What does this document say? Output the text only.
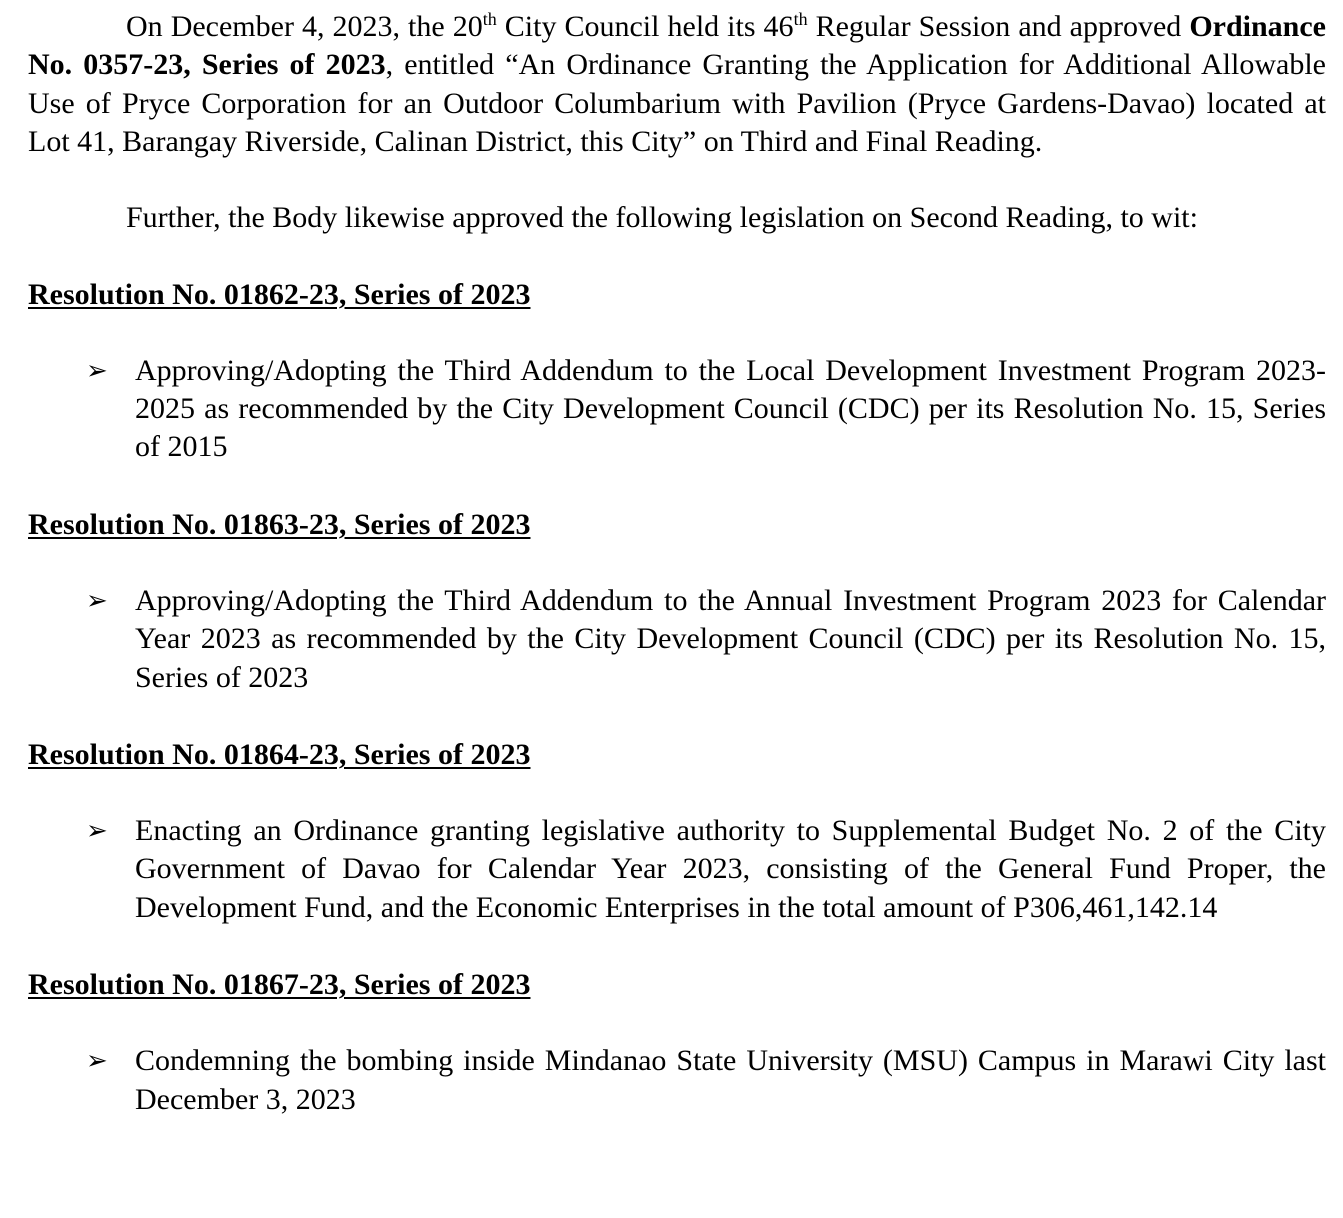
On December 4, 2023, the 20th City Council held its 46th Regular Session and approved Ordinance No. 0357-23, Series of 2023, entitled “An Ordinance Granting the Application for Additional Allowable Use of Pryce Corporation for an Outdoor Columbarium with Pavilion (Pryce Gardens-Davao) located at Lot 41, Barangay Riverside, Calinan District, this City” on Third and Final Reading.

Further, the Body likewise approved the following legislation on Second Reading, to wit:

Resolution No. 01862-23, Series of 2023

➢ Approving/Adopting the Third Addendum to the Local Development Investment Program 2023-2025 as recommended by the City Development Council (CDC) per its Resolution No. 15, Series of 2015

Resolution No. 01863-23, Series of 2023

➢ Approving/Adopting the Third Addendum to the Annual Investment Program 2023 for Calendar Year 2023 as recommended by the City Development Council (CDC) per its Resolution No. 15, Series of 2023

Resolution No. 01864-23, Series of 2023

➢ Enacting an Ordinance granting legislative authority to Supplemental Budget No. 2 of the City Government of Davao for Calendar Year 2023, consisting of the General Fund Proper, the Development Fund, and the Economic Enterprises in the total amount of P306,461,142.14

Resolution No. 01867-23, Series of 2023

➢ Condemning the bombing inside Mindanao State University (MSU) Campus in Marawi City last December 3, 2023
